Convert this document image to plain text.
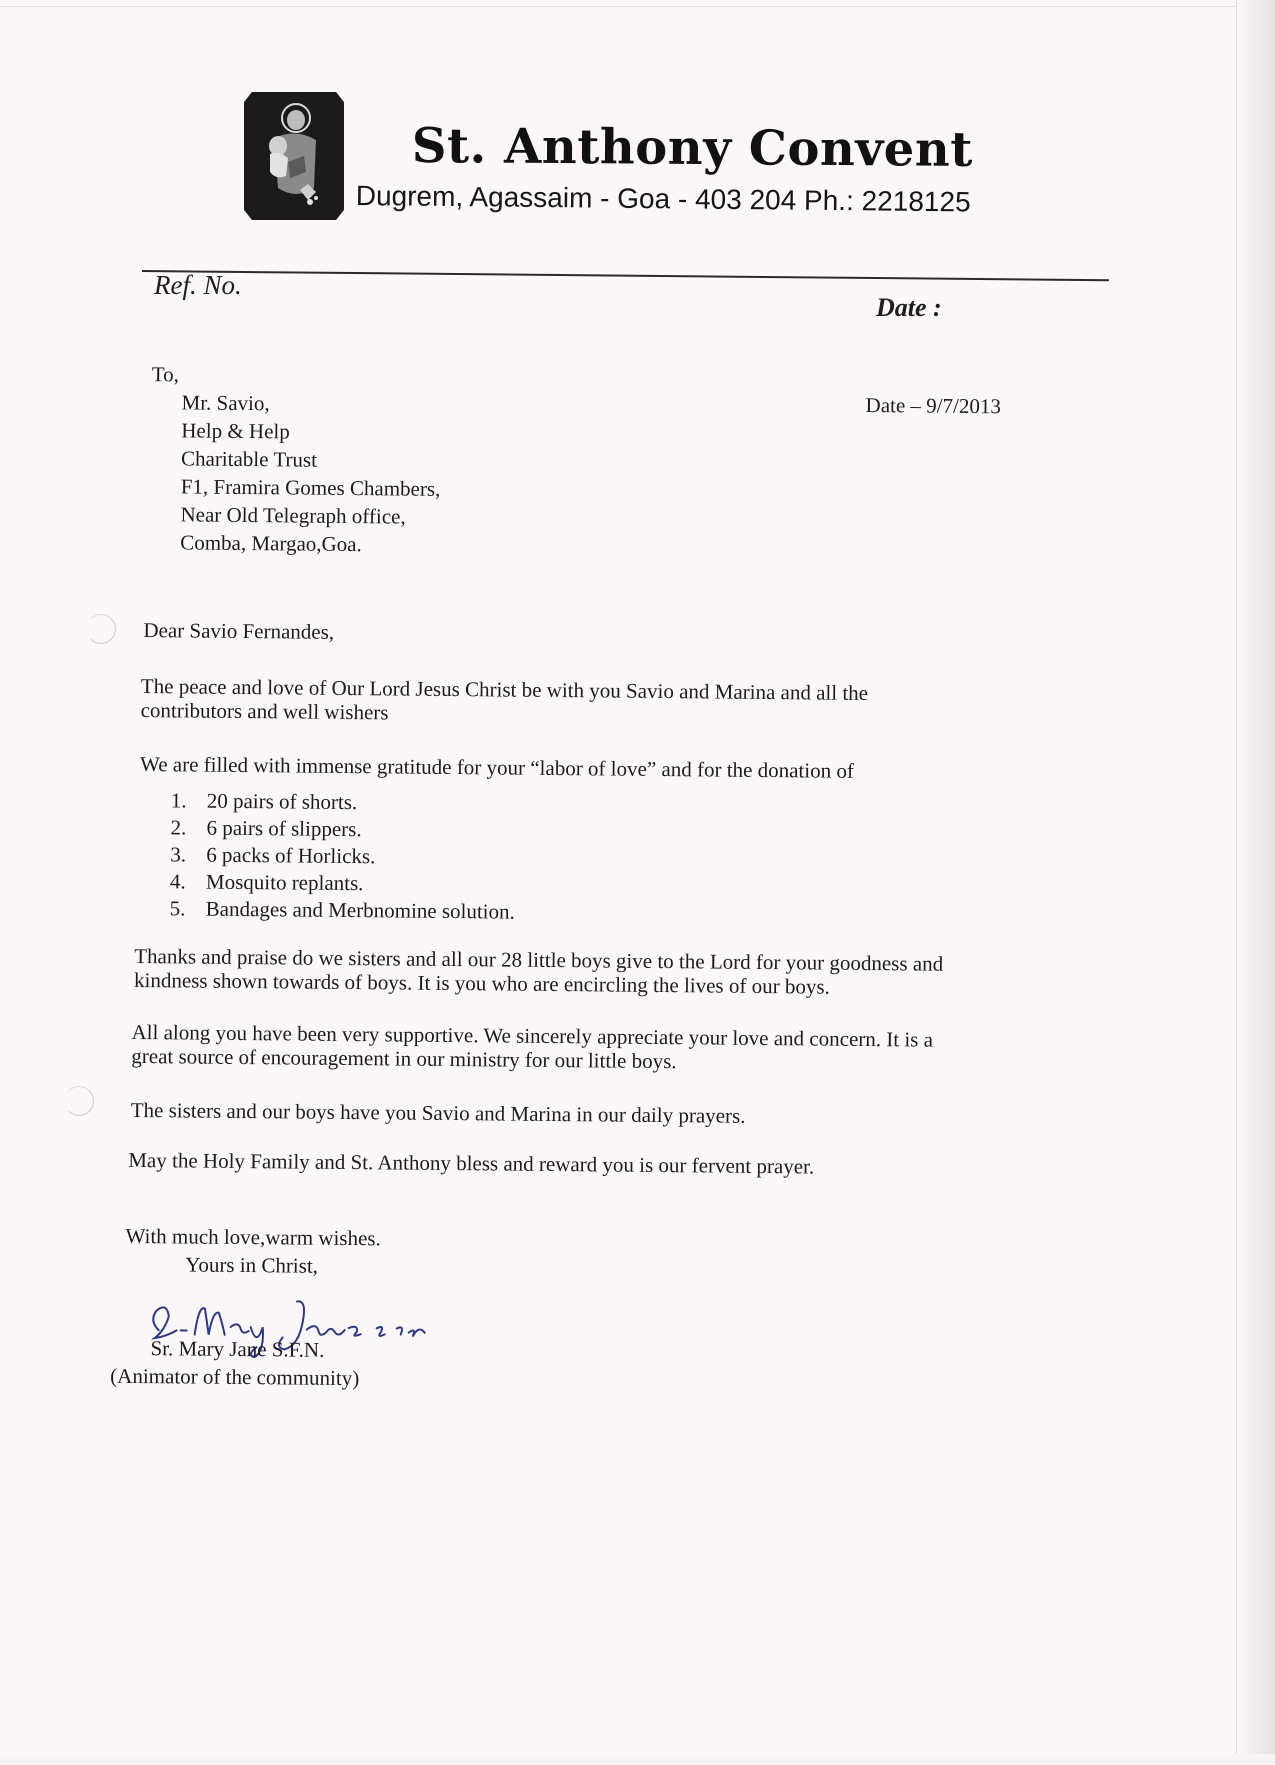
St. Anthony Convent
Dugrem, Agassaim - Goa - 403 204 Ph.: 2218125
Ref. No.
Date :
Date – 9/7/2013
To,
Mr. Savio,
Help & Help
Charitable Trust
F1, Framira Gomes Chambers,
Near Old Telegraph office,
Comba, Margao,Goa.
Dear Savio Fernandes,
The peace and love of Our Lord Jesus Christ be with you Savio and Marina and all the
contributors and well wishers
We are filled with immense gratitude for your “labor of love” and for the donation of
1. 20 pairs of shorts.
2. 6 pairs of slippers.
3. 6 packs of Horlicks.
4. Mosquito replants.
5. Bandages and Merbnomine solution.
Thanks and praise do we sisters and all our 28 little boys give to the Lord for your goodness and
kindness shown towards of boys. It is you who are encircling the lives of our boys.
All along you have been very supportive. We sincerely appreciate your love and concern. It is a
great source of encouragement in our ministry for our little boys.
The sisters and our boys have you Savio and Marina in our daily prayers.
May the Holy Family and St. Anthony bless and reward you is our fervent prayer.
With much love,warm wishes.
Yours in Christ,
Sr. Mary Jane S.F.N.
(Animator of the community)
